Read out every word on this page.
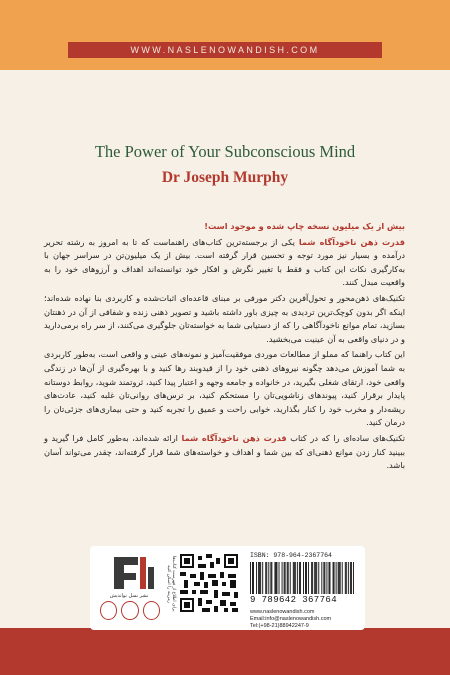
WWW.NASLENOWANDISH.COM
The Power of Your Subconscious Mind
Dr Joseph Murphy

بیش از یک میلیون نسخه چاپ شده و موجود است!

قدرت ذهن ناخودآگاه شما یکی از برجسته‌ترین کتاب‌های راهنماست که تا به امروز به رشته تحریر درآمده و بسیار نیز مورد توجه و تحسین قرار گرفته است. بیش از یک میلیون‌تن در سراسر جهان با به‌کارگیری نکات این کتاب و فقط با تغییر نگرش و افکار خود توانسته‌اند اهداف و آرزوهای خود را به واقعیت مبدل کنند.

تکنیک‌های ذهن‌محور و تحول‌آفرین دکتر مورفی بر مبنای قاعده‌ای اثبات‌شده و کاربردی بنا نهاده شده‌اند؛ اینکه اگر بدون کوچک‌ترین تردیدی به چیزی باور داشته باشید و تصویر ذهنی زنده و شفافی از آن در ذهنتان بسازید، تمام موانع ناخودآگاهی را که از دستیابی شما به خواسته‌تان جلوگیری می‌کنند، از سر راه برمی‌دارید و در دنیای واقعی به آن عینیت می‌بخشید.

این کتاب راهنما که مملو از مطالعات موردی موفقیت‌آمیز و نمونه‌های عینی و واقعی است، به‌طور کاربردی به شما آموزش می‌دهد چگونه نیروهای ذهنی خود را از قیدوبند رها کنید و با بهره‌گیری از آن‌ها در زندگی واقعی خود، ارتقای شغلی بگیرید، در خانواده و جامعه وجهه و اعتبار پیدا کنید، ثروتمند شوید، روابط دوستانه پایدار برقرار کنید، پیوندهای زناشویی‌تان را مستحکم کنید، بر ترس‌های روانی‌تان غلبه کنید، عادت‌های ریشه‌دار و مخرب خود را کنار بگذارید، خوابی راحت و عمیق را تجربه کنید و حتی بیماری‌های جزئی‌تان را درمان کنید.

تکنیک‌های ساده‌ای را که در کتاب قدرت ذهن ناخودآگاه شما ارائه شده‌اند، به‌طور کامل فرا گیرید و ببینید کنار زدن موانع ذهنی‌ای که بین شما و اهداف و خواسته‌های شما قرار گرفته‌اند، چقدر می‌تواند آسان باشد.

نشر نسل نواندیش	برای اطلاع از فهرست کتاب‌ها رمزینه را اسکن کنید
ISBN: 978-964-2367764
9 789642 367764
www.naslenowandish.com
Email:info@naslenowandish.com
Tel:(+98-21)88942247-9
